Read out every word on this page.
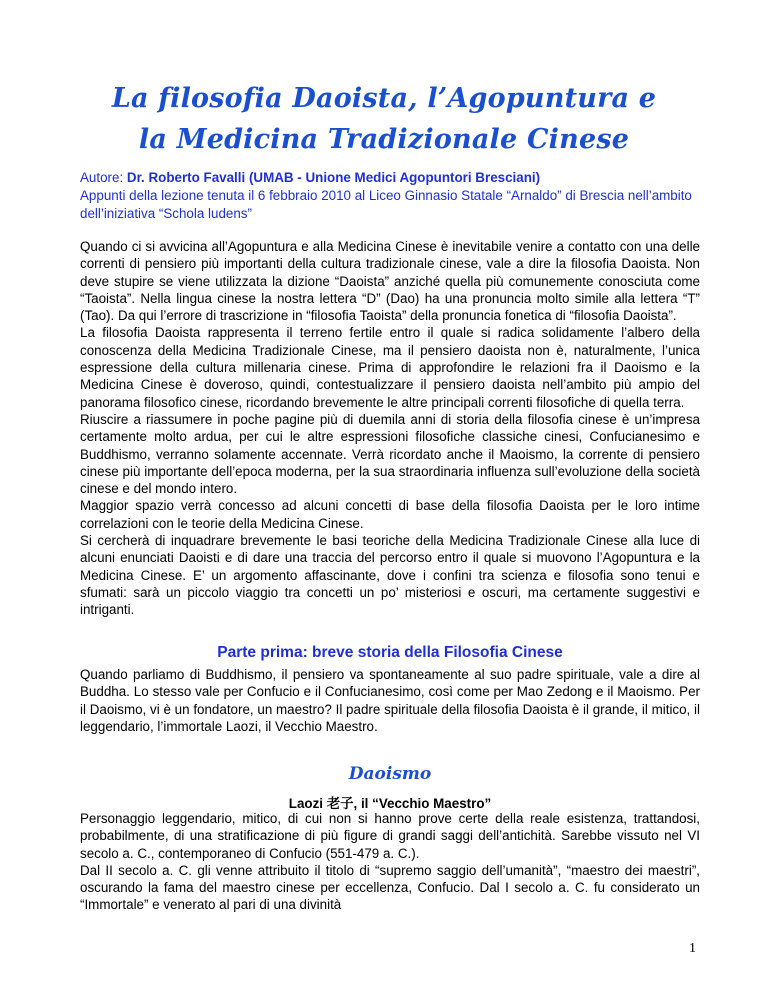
La filosofia Daoista, l’Agopuntura e
la Medicina Tradizionale Cinese
Autore: Dr. Roberto Favalli (UMAB - Unione Medici Agopuntori Bresciani)
Appunti della lezione tenuta il 6 febbraio 2010 al Liceo Ginnasio Statale “Arnaldo” di Brescia nell’ambito dell’iniziativa “Schola ludens”

Quando ci si avvicina all’Agopuntura e alla Medicina Cinese è inevitabile venire a contatto con una delle correnti di pensiero più importanti della cultura tradizionale cinese, vale a dire la filosofia Daoista. Non deve stupire se viene utilizzata la dizione “Daoista” anziché quella più comunemente conosciuta come “Taoista”. Nella lingua cinese la nostra lettera “D” (Dao) ha una pronuncia molto simile alla lettera “T” (Tao). Da qui l’errore di trascrizione in “filosofia Taoista” della pronuncia fonetica di “filosofia Daoista”.

La filosofia Daoista rappresenta il terreno fertile entro il quale si radica solidamente l’albero della conoscenza della Medicina Tradizionale Cinese, ma il pensiero daoista non è, naturalmente, l’unica espressione della cultura millenaria cinese. Prima di approfondire le relazioni fra il Daoismo e la Medicina Cinese è doveroso, quindi, contestualizzare il pensiero daoista nell’ambito più ampio del panorama filosofico cinese, ricordando brevemente le altre principali correnti filosofiche di quella terra.

Riuscire a riassumere in poche pagine più di duemila anni di storia della filosofia cinese è un’impresa certamente molto ardua, per cui le altre espressioni filosofiche classiche cinesi, Confucianesimo e Buddhismo, verranno solamente accennate. Verrà ricordato anche il Maoismo, la corrente di pensiero cinese più importante dell’epoca moderna, per la sua straordinaria influenza sull’evoluzione della società cinese e del mondo intero.

Maggior spazio verrà concesso ad alcuni concetti di base della filosofia Daoista per le loro intime correlazioni con le teorie della Medicina Cinese.

Si cercherà di inquadrare brevemente le basi teoriche della Medicina Tradizionale Cinese alla luce di alcuni enunciati Daoisti e di dare una traccia del percorso entro il quale si muovono l’Agopuntura e la Medicina Cinese. E’ un argomento affascinante, dove i confini tra scienza e filosofia sono tenui e sfumati: sarà un piccolo viaggio tra concetti un po’ misteriosi e oscuri, ma certamente suggestivi e intriganti.

Parte prima: breve storia della Filosofia Cinese

Quando parliamo di Buddhismo, il pensiero va spontaneamente al suo padre spirituale, vale a dire al Buddha. Lo stesso vale per Confucio e il Confucianesimo, così come per Mao Zedong e il Maoismo. Per il Daoismo, vi è un fondatore, un maestro? Il padre spirituale della filosofia Daoista è il grande, il mitico, il leggendario, l’immortale Laozi, il Vecchio Maestro.

Daoismo
Laozi 老子, il “Vecchio Maestro”

Personaggio leggendario, mitico, di cui non si hanno prove certe della reale esistenza, trattandosi, probabilmente, di una stratificazione di più figure di grandi saggi dell’antichità. Sarebbe vissuto nel VI secolo a. C., contemporaneo di Confucio (551-479 a. C.).

Dal II secolo a. C. gli venne attribuito il titolo di “supremo saggio dell’umanità”, “maestro dei maestri”, oscurando la fama del maestro cinese per eccellenza, Confucio. Dal I secolo a. C. fu considerato un “Immortale” e venerato al pari di una divinità

1
